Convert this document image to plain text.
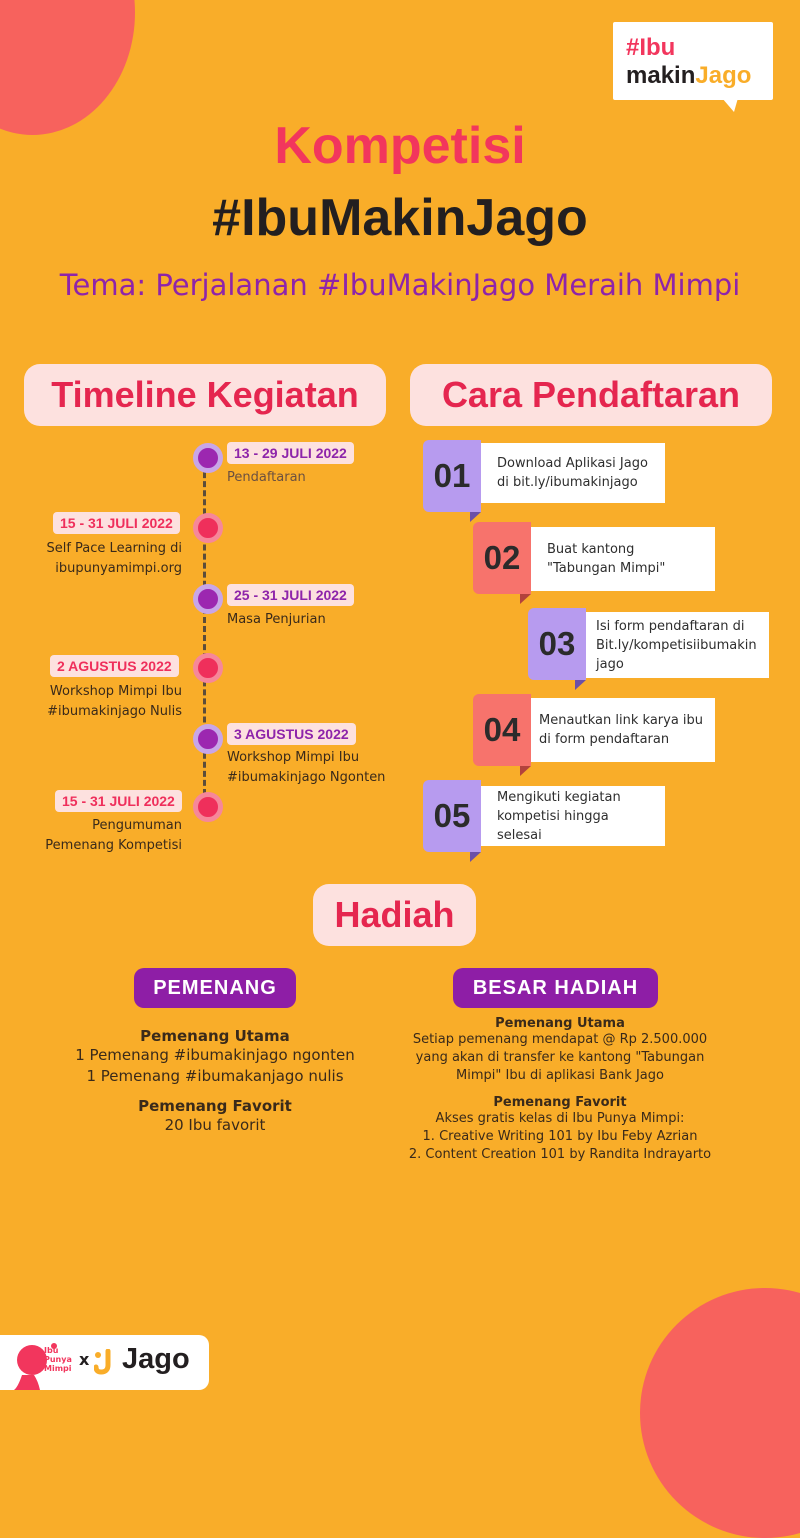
#Ibu
makinJago
Kompetisi
#IbuMakinJago
Tema: Perjalanan #IbuMakinJago Meraih Mimpi
Timeline Kegiatan	Cara Pendaftaran
13 - 29 JULI 2022
Pendaftaran
15 - 31 JULI 2022
Self Pace Learning di
ibupunyamimpi.org
25 - 31 JULI 2022
Masa Penjurian
2 AGUSTUS 2022
Workshop Mimpi Ibu
#ibumakinjago Nulis
3 AGUSTUS 2022
Workshop Mimpi Ibu
#ibumakinjago Ngonten
15 - 31 JULI 2022
Pengumuman
Pemenang Kompetisi
01	Download Aplikasi Jago
di bit.ly/ibumakinjago
02	Buat kantong
"Tabungan Mimpi"
03	Isi form pendaftaran di
Bit.ly/kompetisiibumakin
jago
04	Menautkan link karya ibu
di form pendaftaran
05	Mengikuti kegiatan
kompetisi hingga selesai
Hadiah
PEMENANG	BESAR HADIAH
Pemenang Utama
1 Pemenang #ibumakinjago ngonten
1 Pemenang #ibumakanjago nulis
Pemenang Favorit
20 Ibu favorit
Pemenang Utama
Setiap pemenang mendapat @ Rp 2.500.000
yang akan di transfer ke kantong "Tabungan
Mimpi" Ibu di aplikasi Bank Jago
Pemenang Favorit
Akses gratis kelas di Ibu Punya Mimpi:
1. Creative Writing 101 by Ibu Feby Azrian
2. Content Creation 101 by Randita Indrayarto
Ibu Punya Mimpi x Jago
